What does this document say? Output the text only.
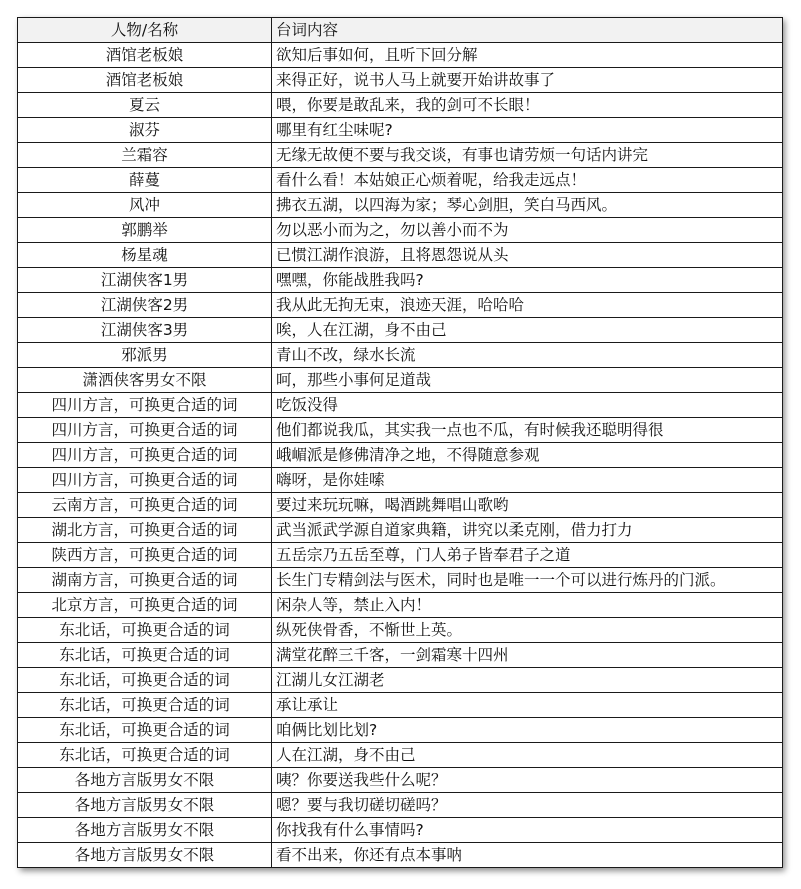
人物/名称	台词内容
酒馆老板娘	欲知后事如何，且听下回分解
酒馆老板娘	来得正好，说书人马上就要开始讲故事了
夏云	喂，你要是敢乱来，我的剑可不长眼！
淑芬	哪里有红尘味呢?
兰霜容	无缘无故便不要与我交谈，有事也请劳烦一句话内讲完
薛蔓	看什么看！本姑娘正心烦着呢，给我走远点！
风冲	拂衣五湖，以四海为家；琴心剑胆，笑白马西风。
郭鹏举	勿以恶小而为之，勿以善小而不为
杨星魂	已惯江湖作浪游，且将恩怨说从头
江湖侠客1男	嘿嘿，你能战胜我吗?
江湖侠客2男	我从此无拘无束，浪迹天涯，哈哈哈
江湖侠客3男	唉，人在江湖，身不由己
邪派男	青山不改，绿水长流
潇洒侠客男女不限	呵，那些小事何足道哉
四川方言，可换更合适的词	吃饭没得
四川方言，可换更合适的词	他们都说我瓜，其实我一点也不瓜，有时候我还聪明得很
四川方言，可换更合适的词	峨嵋派是修佛清净之地，不得随意参观
四川方言，可换更合适的词	嗨呀，是你娃嗦
云南方言，可换更合适的词	要过来玩玩嘛，喝酒跳舞唱山歌哟
湖北方言，可换更合适的词	武当派武学源自道家典籍，讲究以柔克刚，借力打力
陕西方言，可换更合适的词	五岳宗乃五岳至尊，门人弟子皆奉君子之道
湖南方言，可换更合适的词	长生门专精剑法与医术，同时也是唯一一个可以进行炼丹的门派。
北京方言，可换更合适的词	闲杂人等，禁止入内！
东北话，可换更合适的词	纵死侠骨香，不惭世上英。
东北话，可换更合适的词	满堂花醉三千客，一剑霜寒十四州
东北话，可换更合适的词	江湖儿女江湖老
东北话，可换更合适的词	承让承让
东北话，可换更合适的词	咱俩比划比划?
东北话，可换更合适的词	人在江湖，身不由己
各地方言版男女不限	咦？你要送我些什么呢？
各地方言版男女不限	嗯？要与我切磋切磋吗？
各地方言版男女不限	你找我有什么事情吗?
各地方言版男女不限	看不出来，你还有点本事呐
